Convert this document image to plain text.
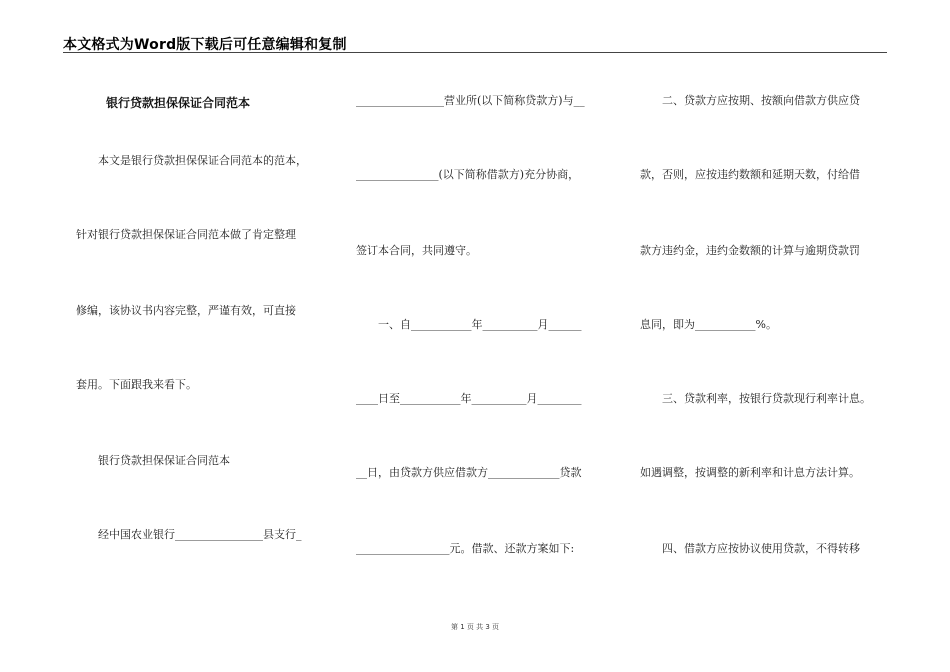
本文格式为Word版下载后可任意编辑和复制
银行贷款担保保证合同范本
　　本文是银行贷款担保保证合同范本的范本，
针对银行贷款担保保证合同范本做了肯定整理
修编，该协议书内容完整，严谨有效，可直接
套用。下面跟我来看下。
　　银行贷款担保保证合同范本
　　经中国农业银行________________县支行_
________________营业所(以下简称贷款方)与__
_______________(以下简称借款方)充分协商，
签订本合同，共同遵守。
　　一、自___________年__________月______
____日至___________年__________月________
__日，由贷款方供应借款方_____________贷款
_________________元。借款、还款方案如下:
　　二、贷款方应按期、按额向借款方供应贷
款，否则，应按违约数额和延期天数，付给借
款方违约金，违约金数额的计算与逾期贷款罚
息同，即为___________%。
　　三、贷款利率，按银行贷款现行利率计息。
如遇调整，按调整的新利率和计息方法计算。
　　四、借款方应按协议使用贷款，不得转移
第 1 页 共 3 页
